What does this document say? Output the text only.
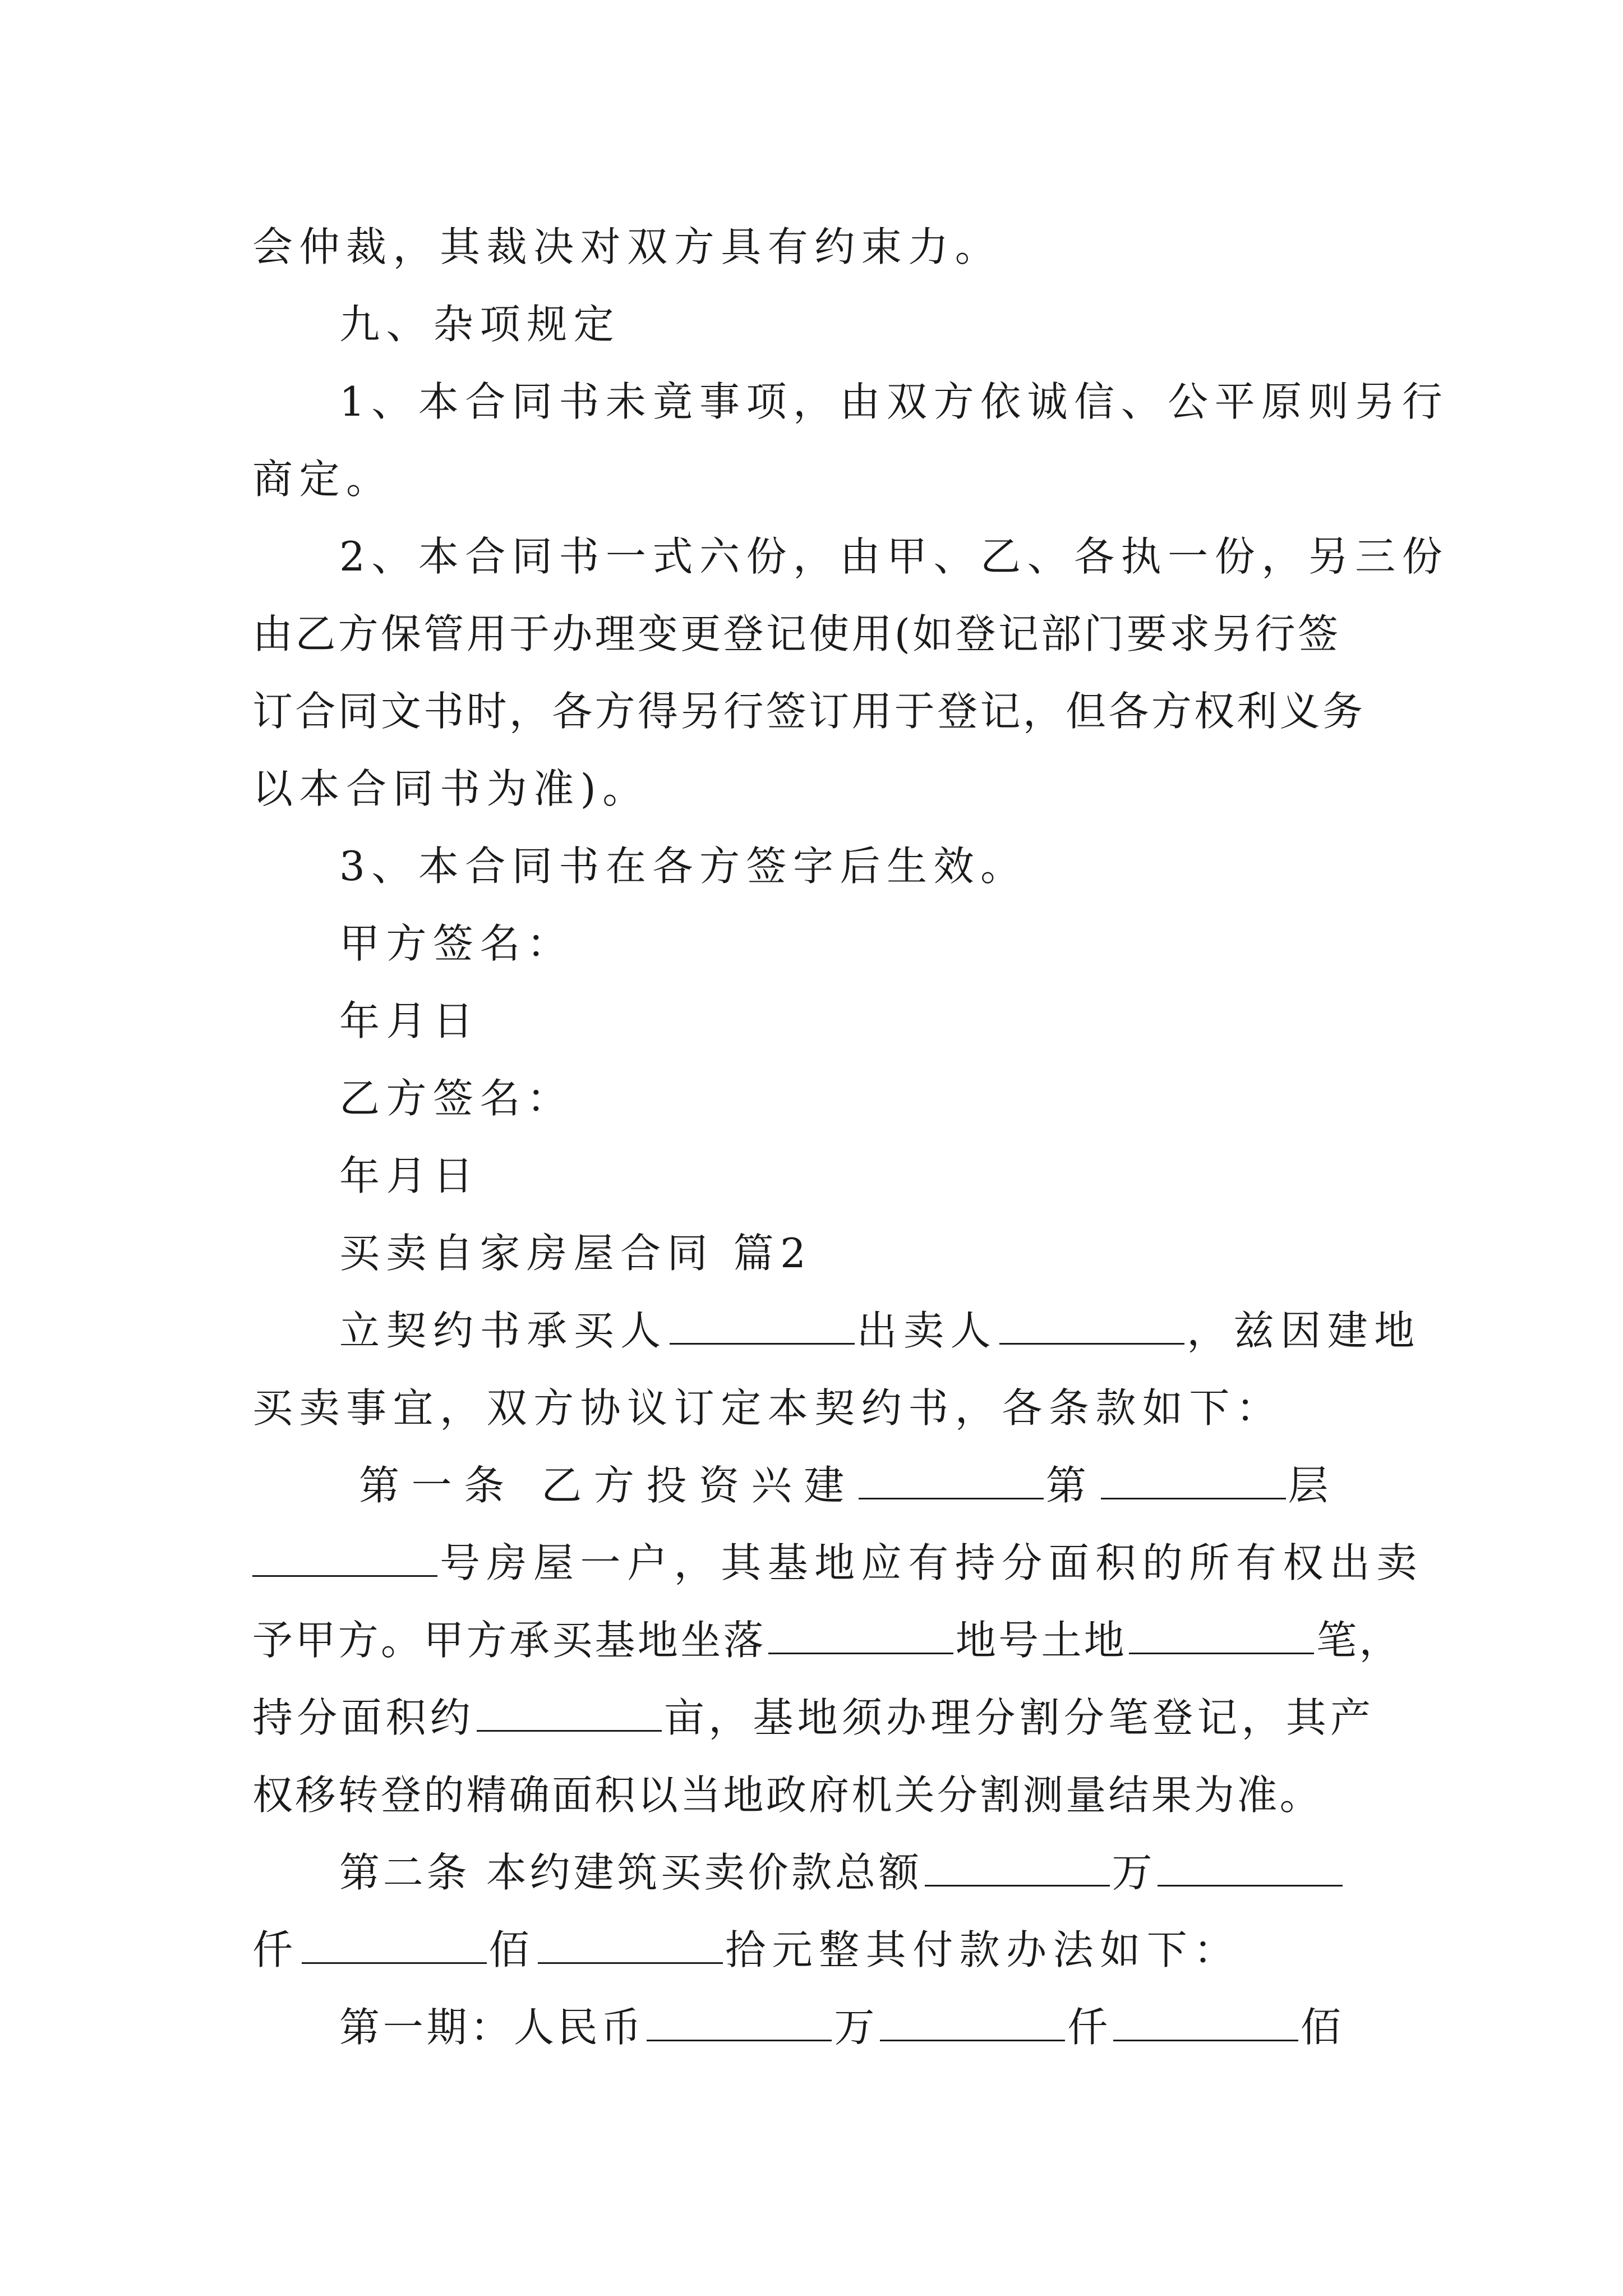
会仲裁，其裁决对双方具有约束力。
九、杂项规定
1、本合同书未竟事项，由双方依诚信、公平原则另行
商定。
2、本合同书一式六份，由甲、乙、各执一份，另三份
由乙方保管用于办理变更登记使用(如登记部门要求另行签
订合同文书时，各方得另行签订用于登记，但各方权利义务
以本合同书为准)。
3、本合同书在各方签字后生效。
甲方签名：
年月日
乙方签名：
年月日
买卖自家房屋合同 篇2
立契约书承买人	出卖人	，兹因建地
买卖事宜，双方协议订定本契约书，各条款如下：
第一条 乙方投资兴建	第	层
号房屋一户，其基地应有持分面积的所有权出卖
予甲方。甲方承买基地坐落	地号土地	笔，
持分面积约	亩，基地须办理分割分笔登记，其产
权移转登的精确面积以当地政府机关分割测量结果为准。
第二条 本约建筑买卖价款总额	万
仟	佰	拾元整其付款办法如下：
第一期：人民币	万	仟	佰
